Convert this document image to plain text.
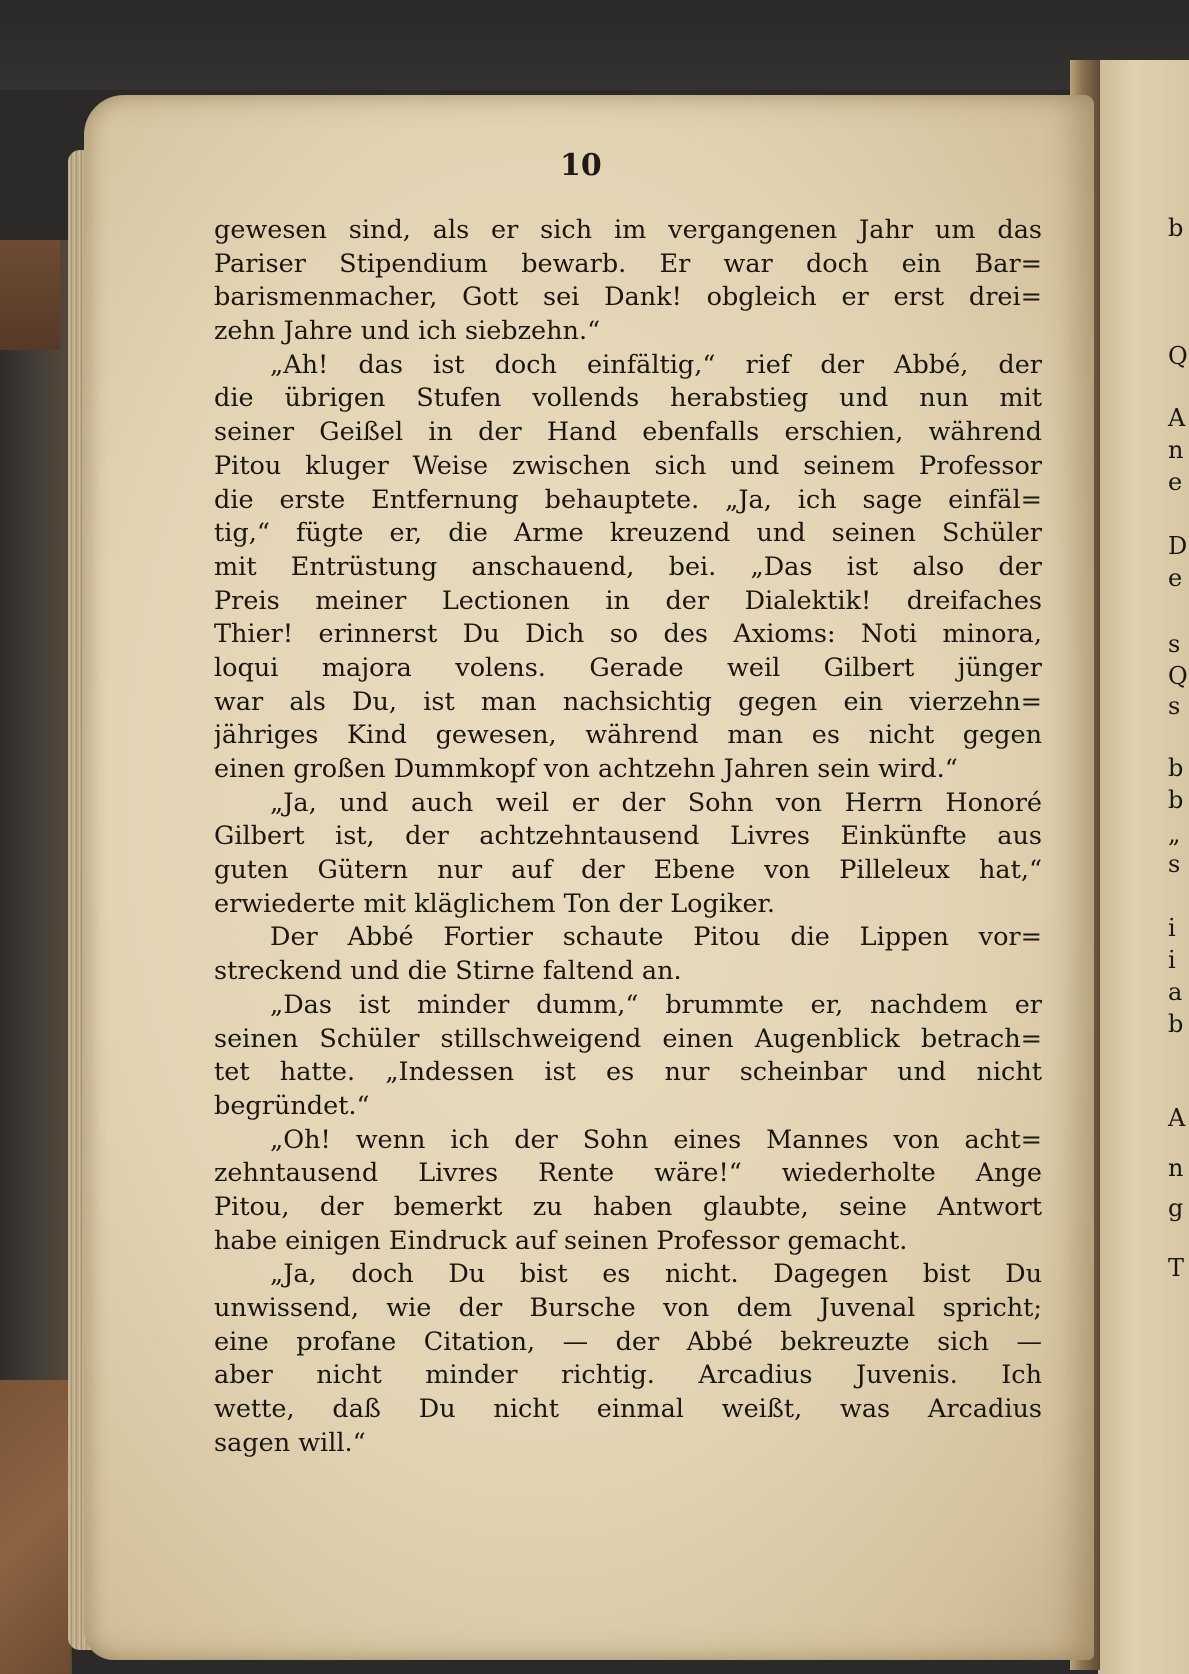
10
gewesen sind, als er sich im vergangenen Jahr um das
Pariser Stipendium bewarb. Er war doch ein Bar=
barismenmacher, Gott sei Dank! obgleich er erst drei=
zehn Jahre und ich siebzehn.“
„Ah! das ist doch einfältig,“ rief der Abbé, der
die übrigen Stufen vollends herabstieg und nun mit
seiner Geißel in der Hand ebenfalls erschien, während
Pitou kluger Weise zwischen sich und seinem Professor
die erste Entfernung behauptete. „Ja, ich sage einfäl=
tig,“ fügte er, die Arme kreuzend und seinen Schüler
mit Entrüstung anschauend, bei. „Das ist also der
Preis meiner Lectionen in der Dialektik! dreifaches
Thier! erinnerst Du Dich so des Axioms: Noti minora,
loqui majora volens. Gerade weil Gilbert jünger
war als Du, ist man nachsichtig gegen ein vierzehn=
jähriges Kind gewesen, während man es nicht gegen
einen großen Dummkopf von achtzehn Jahren sein wird.“
„Ja, und auch weil er der Sohn von Herrn Honoré
Gilbert ist, der achtzehntausend Livres Einkünfte aus
guten Gütern nur auf der Ebene von Pilleleux hat,“
erwiederte mit kläglichem Ton der Logiker.
Der Abbé Fortier schaute Pitou die Lippen vor=
streckend und die Stirne faltend an.
„Das ist minder dumm,“ brummte er, nachdem er
seinen Schüler stillschweigend einen Augenblick betrach=
tet hatte. „Indessen ist es nur scheinbar und nicht
begründet.“
„Oh! wenn ich der Sohn eines Mannes von acht=
zehntausend Livres Rente wäre!“ wiederholte Ange
Pitou, der bemerkt zu haben glaubte, seine Antwort
habe einigen Eindruck auf seinen Professor gemacht.
„Ja, doch Du bist es nicht. Dagegen bist Du
unwissend, wie der Bursche von dem Juvenal spricht;
eine profane Citation, — der Abbé bekreuzte sich —
aber nicht minder richtig. Arcadius Juvenis. Ich
wette, daß Du nicht einmal weißt, was Arcadius
sagen will.“
b
Q
A
n
e
D
e
s
Q
s
b
b
„
s
i
i
a
b
A
n
g
T
